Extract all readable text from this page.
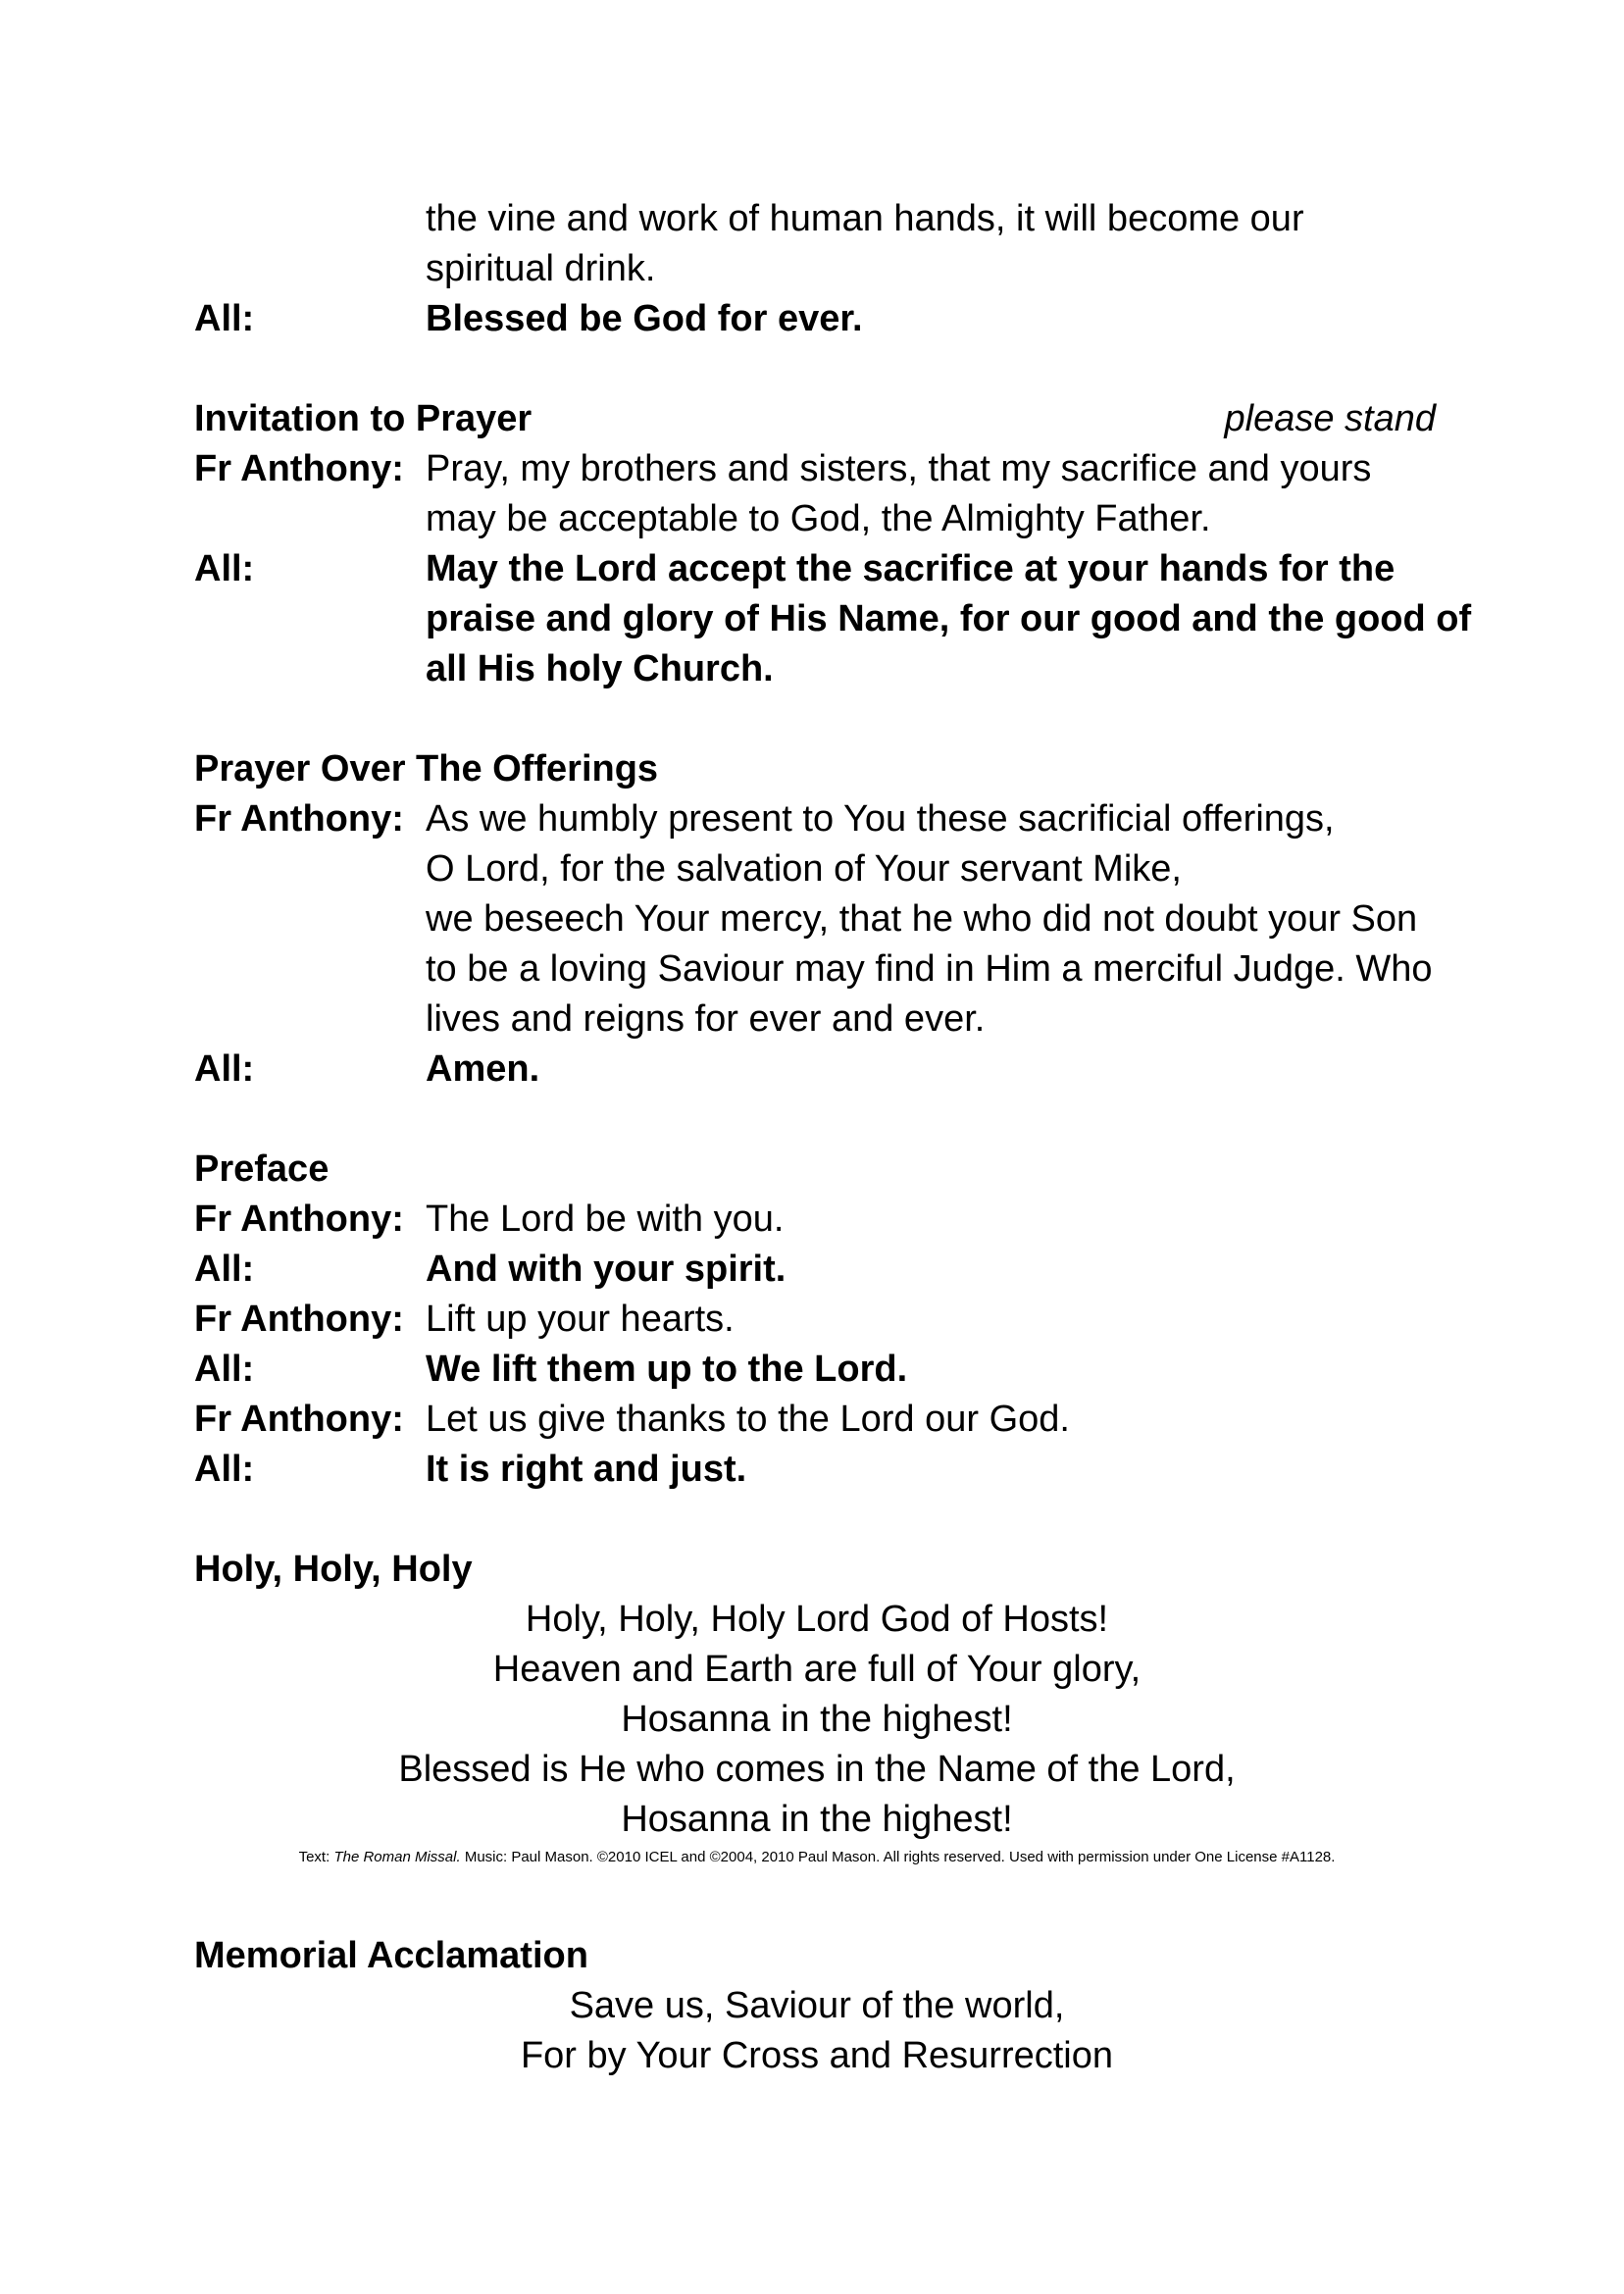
the vine and work of human hands, it will become our
spiritual drink.
All:	Blessed be God for ever.
Invitation to Prayer	please stand
Fr Anthony: Pray, my brothers and sisters, that my sacrifice and yours
may be acceptable to God, the Almighty Father.
All:	May the Lord accept the sacrifice at your hands for the
praise and glory of His Name, for our good and the good of
all His holy Church.
Prayer Over The Offerings
Fr Anthony: As we humbly present to You these sacrificial offerings,
O Lord, for the salvation of Your servant Mike,
we beseech Your mercy, that he who did not doubt your Son
to be a loving Saviour may find in Him a merciful Judge. Who
lives and reigns for ever and ever.
All:	Amen.
Preface
Fr Anthony: The Lord be with you.
All:	And with your spirit.
Fr Anthony: Lift up your hearts.
All:	We lift them up to the Lord.
Fr Anthony: Let us give thanks to the Lord our God.
All:	It is right and just.
Holy, Holy, Holy
Holy, Holy, Holy Lord God of Hosts!
Heaven and Earth are full of Your glory,
Hosanna in the highest!
Blessed is He who comes in the Name of the Lord,
Hosanna in the highest!
Text: The Roman Missal. Music: Paul Mason. ©2010 ICEL and ©2004, 2010 Paul Mason. All rights reserved. Used with permission under One License #A1128.
Memorial Acclamation
Save us, Saviour of the world,
For by Your Cross and Resurrection
